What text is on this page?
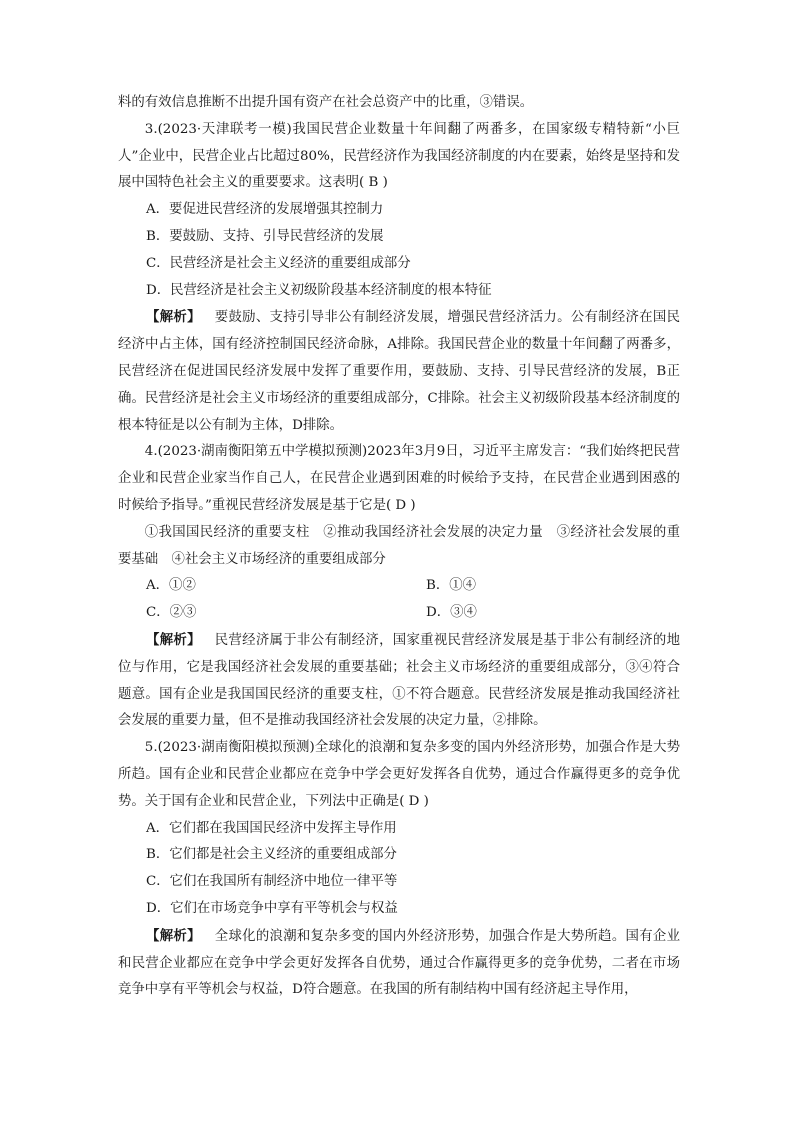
料的有效信息推断不出提升国有资产在社会总资产中的比重，③错误。

3.(2023·天津联考一模)我国民营企业数量十年间翻了两番多，在国家级专精特新“小巨人”企业中，民营企业占比超过80%，民营经济作为我国经济制度的内在要素，始终是坚持和发展中国特色社会主义的重要要求。这表明( B )

A．要促进民营经济的发展增强其控制力

B．要鼓励、支持、引导民营经济的发展

C．民营经济是社会主义经济的重要组成部分

D．民营经济是社会主义初级阶段基本经济制度的根本特征

【解析】 要鼓励、支持引导非公有制经济发展，增强民营经济活力。公有制经济在国民经济中占主体，国有经济控制国民经济命脉，A排除。我国民营企业的数量十年间翻了两番多，民营经济在促进国民经济发展中发挥了重要作用，要鼓励、支持、引导民营经济的发展，B正确。民营经济是社会主义市场经济的重要组成部分，C排除。社会主义初级阶段基本经济制度的根本特征是以公有制为主体，D排除。

4.(2023·湖南衡阳第五中学模拟预测)2023年3月9日，习近平主席发言：“我们始终把民营企业和民营企业家当作自己人，在民营企业遇到困难的时候给予支持，在民营企业遇到困惑的时候给予指导。”重视民营经济发展是基于它是( D )

①我国国民经济的重要支柱　②推动我国经济社会发展的决定力量　③经济社会发展的重要基础　④社会主义市场经济的重要组成部分

A．①②	B．①④
C．②③	D．③④

【解析】 民营经济属于非公有制经济，国家重视民营经济发展是基于非公有制经济的地位与作用，它是我国经济社会发展的重要基础；社会主义市场经济的重要组成部分，③④符合题意。国有企业是我国国民经济的重要支柱，①不符合题意。民营经济发展是推动我国经济社会发展的重要力量，但不是推动我国经济社会发展的决定力量，②排除。

5.(2023·湖南衡阳模拟预测)全球化的浪潮和复杂多变的国内外经济形势，加强合作是大势所趋。国有企业和民营企业都应在竞争中学会更好发挥各自优势，通过合作赢得更多的竞争优势。关于国有企业和民营企业，下列法中正确是( D )

A．它们都在我国国民经济中发挥主导作用

B．它们都是社会主义经济的重要组成部分

C．它们在我国所有制经济中地位一律平等

D．它们在市场竞争中享有平等机会与权益

【解析】 全球化的浪潮和复杂多变的国内外经济形势，加强合作是大势所趋。国有企业和民营企业都应在竞争中学会更好发挥各自优势，通过合作赢得更多的竞争优势，二者在市场竞争中享有平等机会与权益，D符合题意。在我国的所有制结构中国有经济起主导作用，
